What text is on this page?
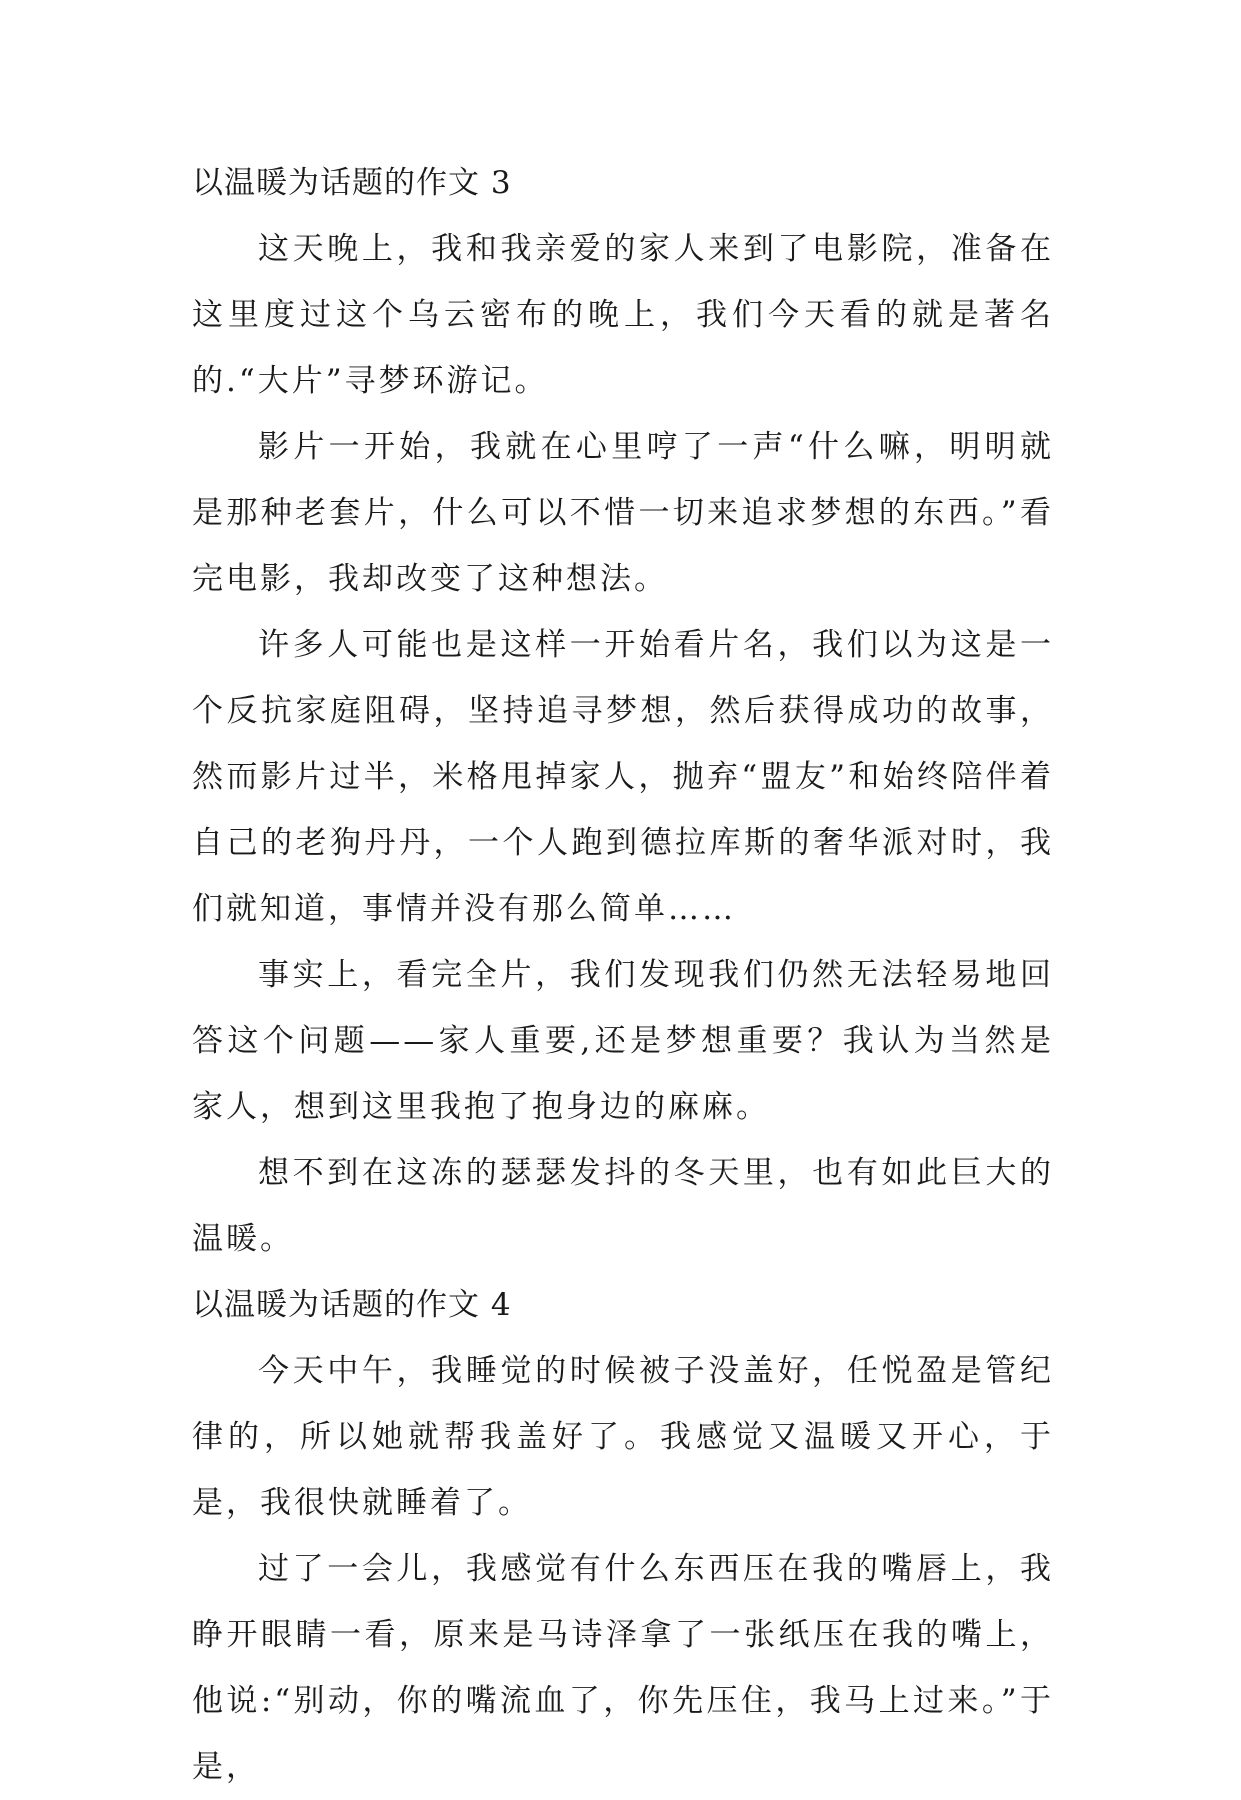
以温暖为话题的作文 3

这天晚上，我和我亲爱的家人来到了电影院，准备在这里度过这个乌云密布的晚上，我们今天看的就是著名的.“大片”寻梦环游记。

影片一开始，我就在心里哼了一声“什么嘛，明明就是那种老套片，什么可以不惜一切来追求梦想的东西。”看完电影，我却改变了这种想法。

许多人可能也是这样一开始看片名，我们以为这是一个反抗家庭阻碍，坚持追寻梦想，然后获得成功的故事，然而影片过半，米格甩掉家人，抛弃“盟友”和始终陪伴着自己的老狗丹丹，一个人跑到德拉库斯的奢华派对时，我们就知道，事情并没有那么简单……

事实上，看完全片，我们发现我们仍然无法轻易地回答这个问题——家人重要,还是梦想重要？我认为当然是家人，想到这里我抱了抱身边的麻麻。

想不到在这冻的瑟瑟发抖的冬天里，也有如此巨大的温暖。

以温暖为话题的作文 4

今天中午，我睡觉的时候被子没盖好，任悦盈是管纪律的，所以她就帮我盖好了。我感觉又温暖又开心，于是，我很快就睡着了。

过了一会儿，我感觉有什么东西压在我的嘴唇上，我睁开眼睛一看，原来是马诗泽拿了一张纸压在我的嘴上，他说:“别动，你的嘴流血了，你先压住，我马上过来。”于是，
